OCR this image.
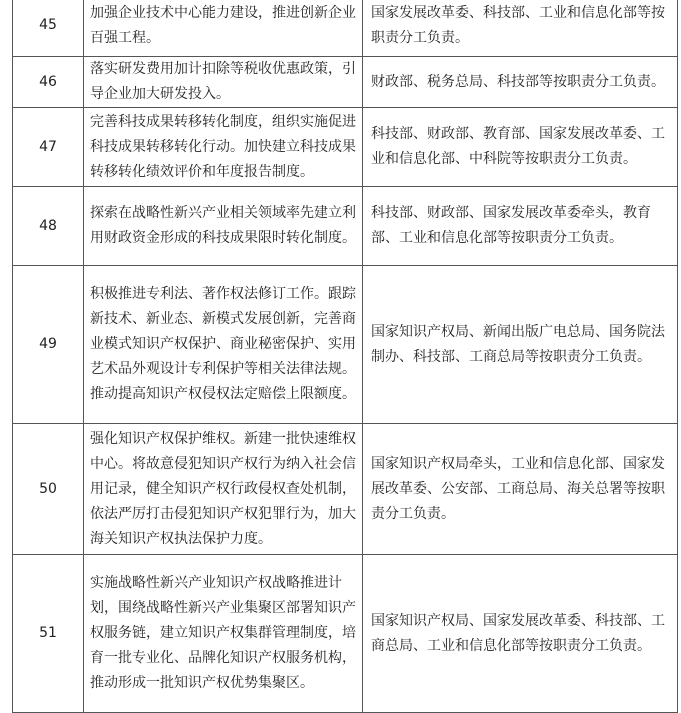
45	加强企业技术中心能力建设，推进创新企业百强工程。	国家发展改革委、科技部、工业和信息化部等按职责分工负责。
46	落实研发费用加计扣除等税收优惠政策，引导企业加大研发投入。	财政部、税务总局、科技部等按职责分工负责。
47	完善科技成果转移转化制度，组织实施促进科技成果转移转化行动。加快建立科技成果转移转化绩效评价和年度报告制度。	科技部、财政部、教育部、国家发展改革委、工业和信息化部、中科院等按职责分工负责。
48	探索在战略性新兴产业相关领域率先建立利用财政资金形成的科技成果限时转化制度。	科技部、财政部、国家发展改革委牵头，教育部、工业和信息化部等按职责分工负责。
49	积极推进专利法、著作权法修订工作。跟踪新技术、新业态、新模式发展创新，完善商业模式知识产权保护、商业秘密保护、实用艺术品外观设计专利保护等相关法律法规。推动提高知识产权侵权法定赔偿上限额度。	国家知识产权局、新闻出版广电总局、国务院法制办、科技部、工商总局等按职责分工负责。
50	强化知识产权保护维权。新建一批快速维权中心。将故意侵犯知识产权行为纳入社会信用记录，健全知识产权行政侵权查处机制，依法严厉打击侵犯知识产权犯罪行为，加大海关知识产权执法保护力度。	国家知识产权局牵头，工业和信息化部、国家发展改革委、公安部、工商总局、海关总署等按职责分工负责。
51	实施战略性新兴产业知识产权战略推进计划，围绕战略性新兴产业集聚区部署知识产权服务链，建立知识产权集群管理制度，培育一批专业化、品牌化知识产权服务机构，推动形成一批知识产权优势集聚区。	国家知识产权局、国家发展改革委、科技部、工商总局、工业和信息化部等按职责分工负责。
